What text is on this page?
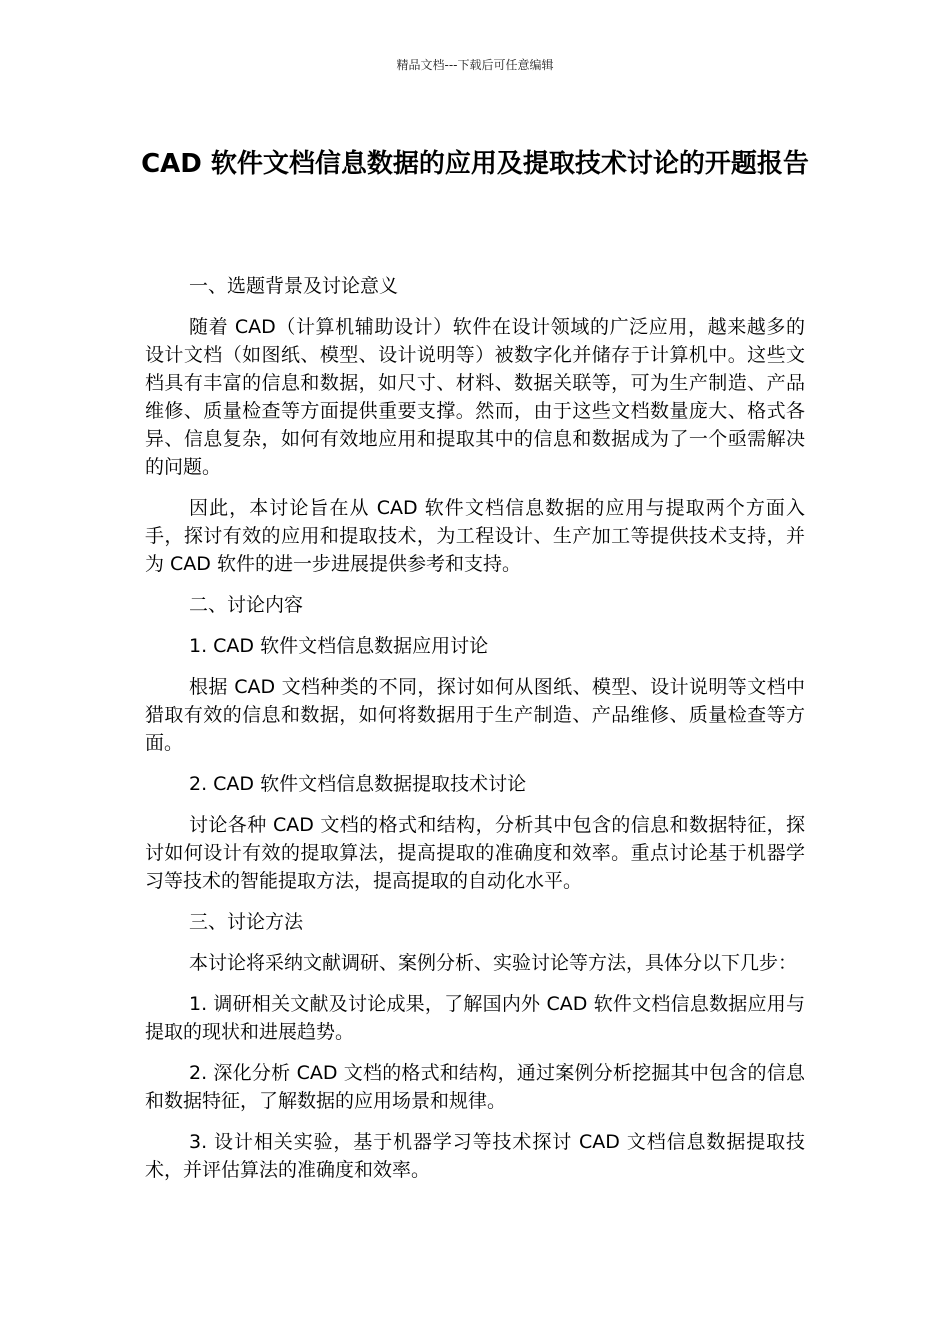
精品文档---下载后可任意编辑
CAD 软件文档信息数据的应用及提取技术讨论的开题报告

一、选题背景及讨论意义

随着 CAD（计算机辅助设计）软件在设计领域的广泛应用，越来越多的设计文档（如图纸、模型、设计说明等）被数字化并储存于计算机中。这些文档具有丰富的信息和数据，如尺寸、材料、数据关联等，可为生产制造、产品维修、质量检查等方面提供重要支撑。然而，由于这些文档数量庞大、格式各异、信息复杂，如何有效地应用和提取其中的信息和数据成为了一个亟需解决的问题。

因此，本讨论旨在从 CAD 软件文档信息数据的应用与提取两个方面入手，探讨有效的应用和提取技术，为工程设计、生产加工等提供技术支持，并为 CAD 软件的进一步进展提供参考和支持。

二、讨论内容

1. CAD 软件文档信息数据应用讨论

根据 CAD 文档种类的不同，探讨如何从图纸、模型、设计说明等文档中猎取有效的信息和数据，如何将数据用于生产制造、产品维修、质量检查等方面。

2. CAD 软件文档信息数据提取技术讨论

讨论各种 CAD 文档的格式和结构，分析其中包含的信息和数据特征，探讨如何设计有效的提取算法，提高提取的准确度和效率。重点讨论基于机器学习等技术的智能提取方法，提高提取的自动化水平。

三、讨论方法

本讨论将采纳文献调研、案例分析、实验讨论等方法，具体分以下几步：

1. 调研相关文献及讨论成果，了解国内外 CAD 软件文档信息数据应用与提取的现状和进展趋势。

2. 深化分析 CAD 文档的格式和结构，通过案例分析挖掘其中包含的信息和数据特征，了解数据的应用场景和规律。

3. 设计相关实验，基于机器学习等技术探讨 CAD 文档信息数据提取技术，并评估算法的准确度和效率。
